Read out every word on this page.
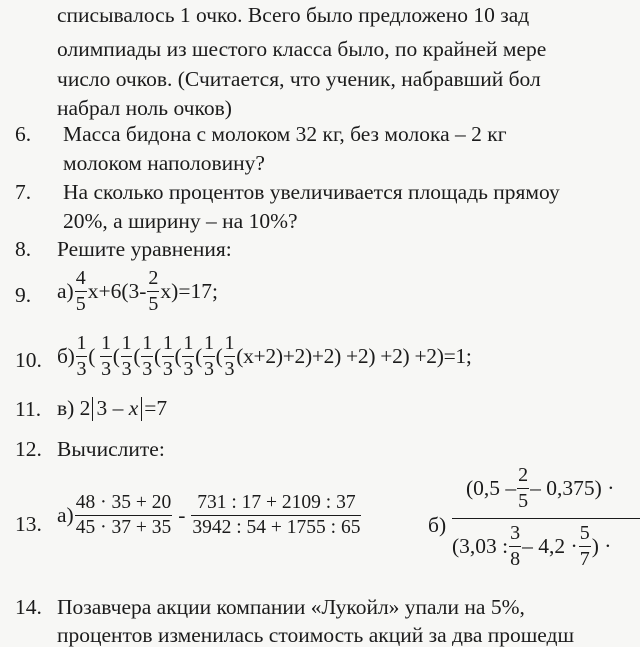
списывалось 1 очко. Всего было предложено 10 зад
олимпиады из шестого класса было, по крайней мере
число очков. (Считается, что ученик, набравший бол
набрал ноль очков)
6. Масса бидона с молоком 32 кг, без молока – 2 кг
молоком наполовину?
7. На сколько процентов увеличивается площадь прямоу
20%, а ширину – на 10%?
8. Решите уравнения:
9. $а) \frac{4}{5} x+6(3- \frac{2}{5} x)=17$;
10. $б) \frac{1}{3}$ ( $\frac{1}{3}$ ( $\frac{1}{3}$ ( $\frac{1}{3}$ ( $\frac{1}{3}$ ( $\frac{1}{3}$ ( $\frac{1}{3}$ ( $\frac{1}{3} (x+2)+2)+2) +2) +2) +2)=1$;
11. в) 2 3 – x =7
12. Вычислите:
13. $а) \frac{48 \cdot 35 + 20}{45 \cdot 37 + 35} - \frac{731 : 17 + 2109 : 37}{3942 : 54 + 1755 : 65}$	б)
$(0,5 - \frac{2}{5} - 0,375)$ ·
(3,03 : $\frac{3}{8} - 4,2 \cdot \frac{5}{7}$ ) ·
14. Позавчера акции компании «Лукойл» упали на 5%,
процентов изменилась стоимость акций за два прошедш
